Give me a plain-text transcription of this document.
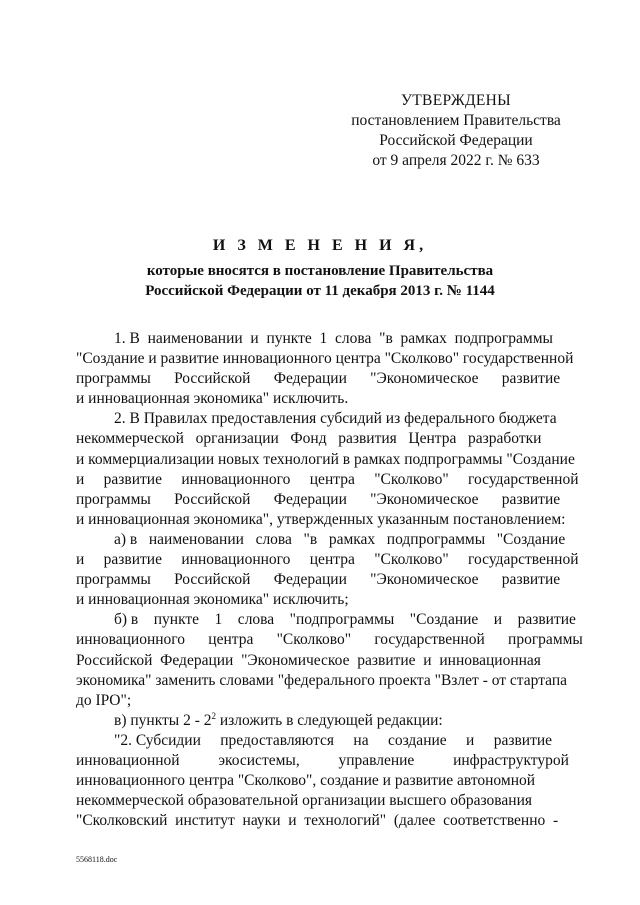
УТВЕРЖДЕНЫ
постановлением Правительства
Российской Федерации
от 9 апреля 2022 г. № 633
И З М Е Н Е Н И Я,
которые вносятся в постановление Правительства
Российской Федерации от 11 декабря 2013 г. № 1144
1. В  наименовании  и  пункте  1  слова  "в  рамках  подпрограммы
"Создание и развитие инновационного центра "Сколково" государственной
программы      Российской      Федерации      "Экономическое      развитие
и инновационная экономика" исключить.
2. В Правилах предоставления субсидий из федерального бюджета
некоммерческой   организации   Фонд   развития   Центра   разработки
и коммерциализации новых технологий в рамках подпрограммы "Создание
и     развитие     инновационного     центра     "Сколково"     государственной
программы      Российской      Федерации      "Экономическое      развитие
и инновационная экономика", утвержденных указанным постановлением:
а) в   наименовании   слова   "в   рамках   подпрограммы   "Создание
и     развитие     инновационного     центра     "Сколково"     государственной
программы      Российской      Федерации      "Экономическое      развитие
и инновационная экономика" исключить;
б) в    пункте    1    слова    "подпрограммы    "Создание    и    развитие
инновационного      центра      "Сколково"      государственной      программы
Российской  Федерации  "Экономическое  развитие  и  инновационная
экономика" заменить словами "федерального проекта "Взлет - от стартапа
до IPO";
в) пункты $2 - 2^2$ изложить в следующей редакции:
"2. Субсидии     предоставляются     на     создание     и     развитие
инновационной          экосистемы,          управление          инфраструктурой
инновационного центра "Сколково", создание и развитие автономной
некоммерческой образовательной организации высшего образования
"Сколковский  институт  науки  и  технологий"  (далее  соответственно  -
5568118.doc
